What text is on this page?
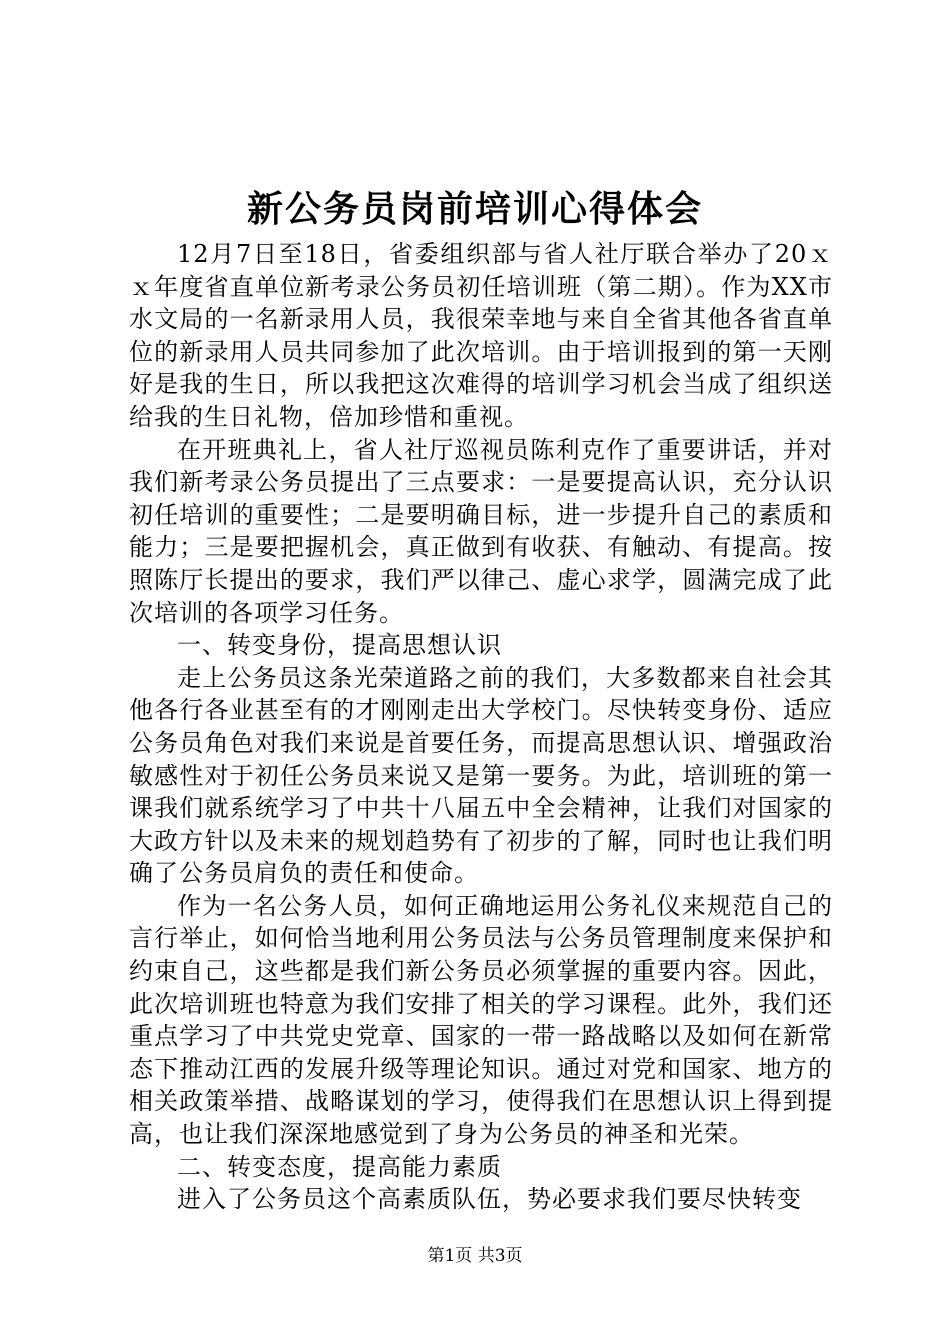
新公务员岗前培训心得体会

12月7日至18日，省委组织部与省人社厅联合举办了20ｘｘ年度省直单位新考录公务员初任培训班（第二期）。作为XX市水文局的一名新录用人员，我很荣幸地与来自全省其他各省直单位的新录用人员共同参加了此次培训。由于培训报到的第一天刚好是我的生日，所以我把这次难得的培训学习机会当成了组织送给我的生日礼物，倍加珍惜和重视。

在开班典礼上，省人社厅巡视员陈利克作了重要讲话，并对我们新考录公务员提出了三点要求：一是要提高认识，充分认识初任培训的重要性；二是要明确目标，进一步提升自己的素质和能力；三是要把握机会，真正做到有收获、有触动、有提高。按照陈厅长提出的要求，我们严以律己、虚心求学，圆满完成了此次培训的各项学习任务。

一、转变身份，提高思想认识

走上公务员这条光荣道路之前的我们，大多数都来自社会其他各行各业甚至有的才刚刚走出大学校门。尽快转变身份、适应公务员角色对我们来说是首要任务，而提高思想认识、增强政治敏感性对于初任公务员来说又是第一要务。为此，培训班的第一课我们就系统学习了中共十八届五中全会精神，让我们对国家的大政方针以及未来的规划趋势有了初步的了解，同时也让我们明确了公务员肩负的责任和使命。

作为一名公务人员，如何正确地运用公务礼仪来规范自己的言行举止，如何恰当地利用公务员法与公务员管理制度来保护和约束自己，这些都是我们新公务员必须掌握的重要内容。因此，此次培训班也特意为我们安排了相关的学习课程。此外，我们还重点学习了中共党史党章、国家的一带一路战略以及如何在新常态下推动江西的发展升级等理论知识。通过对党和国家、地方的相关政策举措、战略谋划的学习，使得我们在思想认识上得到提高，也让我们深深地感觉到了身为公务员的神圣和光荣。

二、转变态度，提高能力素质

进入了公务员这个高素质队伍，势必要求我们要尽快转变

第1页 共3页
